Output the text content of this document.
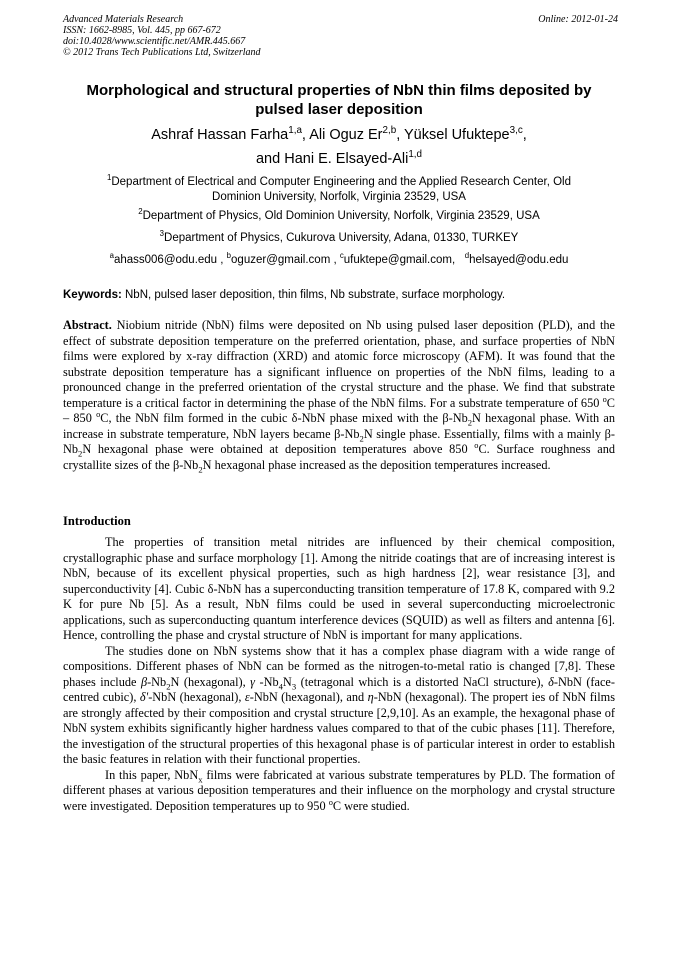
Advanced Materials Research
ISSN: 1662-8985, Vol. 445, pp 667-672
doi:10.4028/www.scientific.net/AMR.445.667
© 2012 Trans Tech Publications Ltd, Switzerland
Online: 2012-01-24
Morphological and structural properties of NbN thin films deposited by
pulsed laser deposition
Ashraf Hassan Farha$^{1,a}$, Ali Oguz Er$^{2,b}$, Yüksel Ufuktepe$^{3,c}$,
and Hani E. Elsayed-Ali$^{1,d}$
$^1$Department of Electrical and Computer Engineering and the Applied Research Center, Old
Dominion University, Norfolk, Virginia 23529, USA
$^2$Department of Physics, Old Dominion University, Norfolk, Virginia 23529, USA
$^3$Department of Physics, Cukurova University, Adana, 01330, TURKEY
$^a$ahass006@odu.edu , $^b$oguzer@gmail.com , $^c$ufuktepe@gmail.com, $^d$helsayed@odu.edu
Keywords: NbN, pulsed laser deposition, thin films, Nb substrate, surface morphology.

Abstract. Niobium nitride (NbN) films were deposited on Nb using pulsed laser deposition (PLD), and the effect of substrate deposition temperature on the preferred orientation, phase, and surface properties of NbN films were explored by x-ray diffraction (XRD) and atomic force microscopy (AFM). It was found that the substrate deposition temperature has a significant influence on properties of the NbN films, leading to a pronounced change in the preferred orientation of the crystal structure and the phase. We find that substrate temperature is a critical factor in determining the phase of the NbN films. For a substrate temperature of 650 $^o$C – 850 $^o$C, the NbN film formed in the cubic δ-NbN phase mixed with the $\beta-Nb_2N$ hexagonal phase. With an increase in substrate temperature, NbN layers became $\beta-Nb_2N$ single phase. Essentially, films with a mainly $\beta-Nb_2N$ hexagonal phase were obtained at deposition temperatures above 850 $^o$C. Surface roughness and crystallite sizes of the $\beta-Nb_2N$ hexagonal phase increased as the deposition temperatures increased.

Introduction

The properties of transition metal nitrides are influenced by their chemical composition, crystallographic phase and surface morphology [1]. Among the nitride coatings that are of increasing interest is NbN, because of its excellent physical properties, such as high hardness [2], wear resistance [3], and superconductivity [4]. Cubic δ-NbN has a superconducting transition temperature of 17.8 K, compared with 9.2 K for pure Nb [5]. As a result, NbN films could be used in several superconducting microelectronic applications, such as superconducting quantum interference devices (SQUID) as well as filters and antenna [6]. Hence, controlling the phase and crystal structure of NbN is important for many applications.

The studies done on NbN systems show that it has a complex phase diagram with a wide range of compositions. Different phases of NbN can be formed as the nitrogen-to-metal ratio is changed [7,8]. These phases include $\beta-Nb_2N$ (hexagonal), γ $-Nb_4N_3$ (tetragonal which is a distorted NaCl structure), δ-NbN (face-centred cubic), δ'-NbN (hexagonal), ε-NbN (hexagonal), and η-NbN (hexagonal). The propert ies of NbN films are strongly affected by their composition and crystal structure [2,9,10]. As an example, the hexagonal phase of NbN system exhibits significantly higher hardness values compared to that of the cubic phases [11]. Therefore, the investigation of the structural properties of this hexagonal phase is of particular interest in order to establish the basic features in relation with their functional properties.

In this paper, NbN$_x$ films were fabricated at various substrate temperatures by PLD. The formation of different phases at various deposition temperatures and their influence on the morphology and crystal structure were investigated. Deposition temperatures up to 950 $^o$C were studied.
